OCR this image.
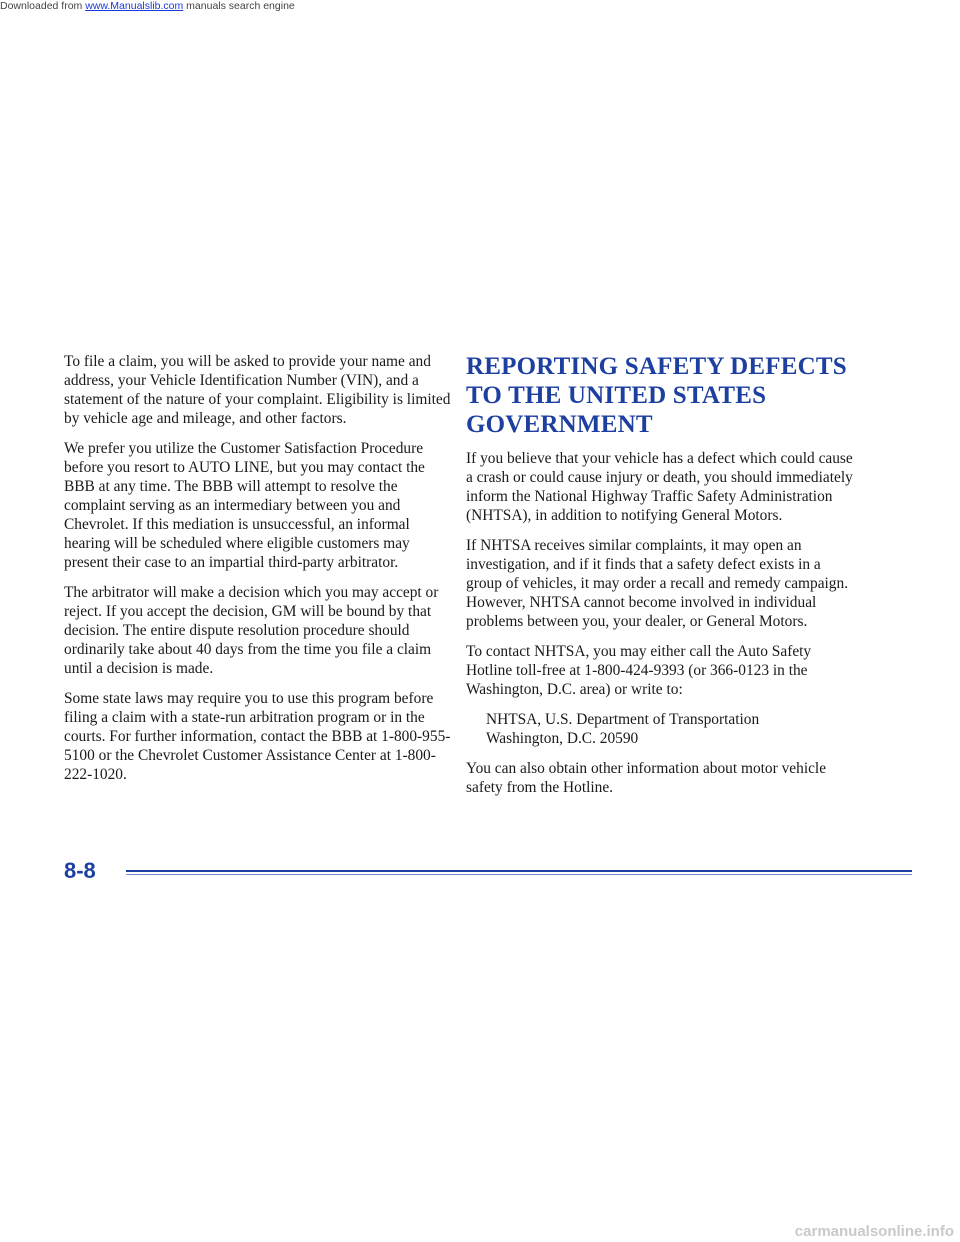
To file a claim, you will be asked to provide your name and address, your Vehicle Identification Number (VIN), and a statement of the nature of your complaint. Eligibility is limited by vehicle age and mileage, and other factors.

We prefer you utilize the Customer Satisfaction Procedure before you resort to AUTO LINE, but you may contact the BBB at any time. The BBB will attempt to resolve the complaint serving as an intermediary between you and Chevrolet. If this mediation is unsuccessful, an informal hearing will be scheduled where eligible customers may present their case to an impartial third-party arbitrator.

The arbitrator will make a decision which you may accept or reject. If you accept the decision, GM will be bound by that decision. The entire dispute resolution procedure should ordinarily take about 40 days from the time you file a claim until a decision is made.

Some state laws may require you to use this program before filing a claim with a state-run arbitration program or in the courts. For further information, contact the BBB at 1-800-955-5100 or the Chevrolet Customer Assistance Center at 1-800-222-1020.

REPORTING SAFETY DEFECTS TO THE UNITED STATES GOVERNMENT

If you believe that your vehicle has a defect which could cause a crash or could cause injury or death, you should immediately inform the National Highway Traffic Safety Administration (NHTSA), in addition to notifying General Motors.

If NHTSA receives similar complaints, it may open an investigation, and if it finds that a safety defect exists in a group of vehicles, it may order a recall and remedy campaign. However, NHTSA cannot become involved in individual problems between you, your dealer, or General Motors.

To contact NHTSA, you may either call the Auto Safety Hotline toll-free at 1-800-424-9393 (or 366-0123 in the Washington, D.C. area) or write to:

NHTSA, U.S. Department of Transportation
Washington, D.C. 20590

You can also obtain other information about motor vehicle safety from the Hotline.

8-8
Downloaded from www.Manualslib.com manuals search engine
carmanualsonline.info
